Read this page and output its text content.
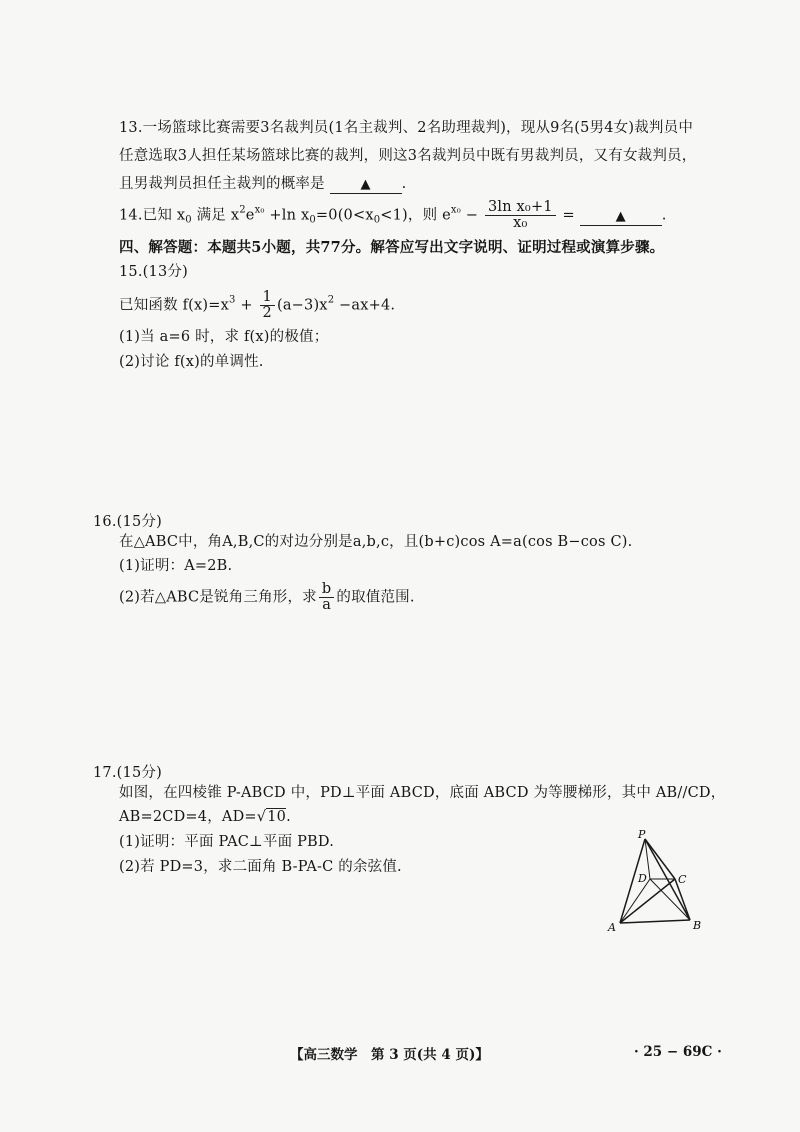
13.一场篮球比赛需要3名裁判员(1名主裁判、2名助理裁判)，现从9名(5男4女)裁判员中
任意选取3人担任某场篮球比赛的裁判，则这3名裁判员中既有男裁判员，又有女裁判员，
且男裁判员担任主裁判的概率是	▲ .
14.已知 $x_0$ 满足 $x^2e^{x_0} +\ln$ $x_0=0(0<x_0<1)$，则 $e^{x_0} - \frac{\text{3ln x₀+1}}{\text{x₀}}$ =	▲ .
四、解答题：本题共5小题，共77分。解答应写出文字说明、证明过程或演算步骤。
15.(13分)
已知函数 $f(x)=x^3 + \frac{1}{2} (a-3)x^2 -ax+4$.
(1)当 a=6 时，求 f(x)的极值；
(2)讨论 f(x)的单调性.
16.(15分)
在△ABC中，角A,B,C的对边分别是a,b,c，且(b+c)cos A=a(cos B−cos C).
(1)证明：A=2B.
(2)若△ABC是锐角三角形，求 $\frac{b}{a}$ 的取值范围.
17.(15分)
如图，在四棱锥 P-ABCD 中，PD⊥平面 ABCD，底面 ABCD 为等腰梯形，其中 AB//CD，
AB=2CD=4，AD=√10.
(1)证明：平面 PAC⊥平面 PBD.
(2)若 PD=3，求二面角 B-PA-C 的余弦值.
P
D	C
A	B
【高三数学　第 3 页(共 4 页)】	· 25 − 69C ·
